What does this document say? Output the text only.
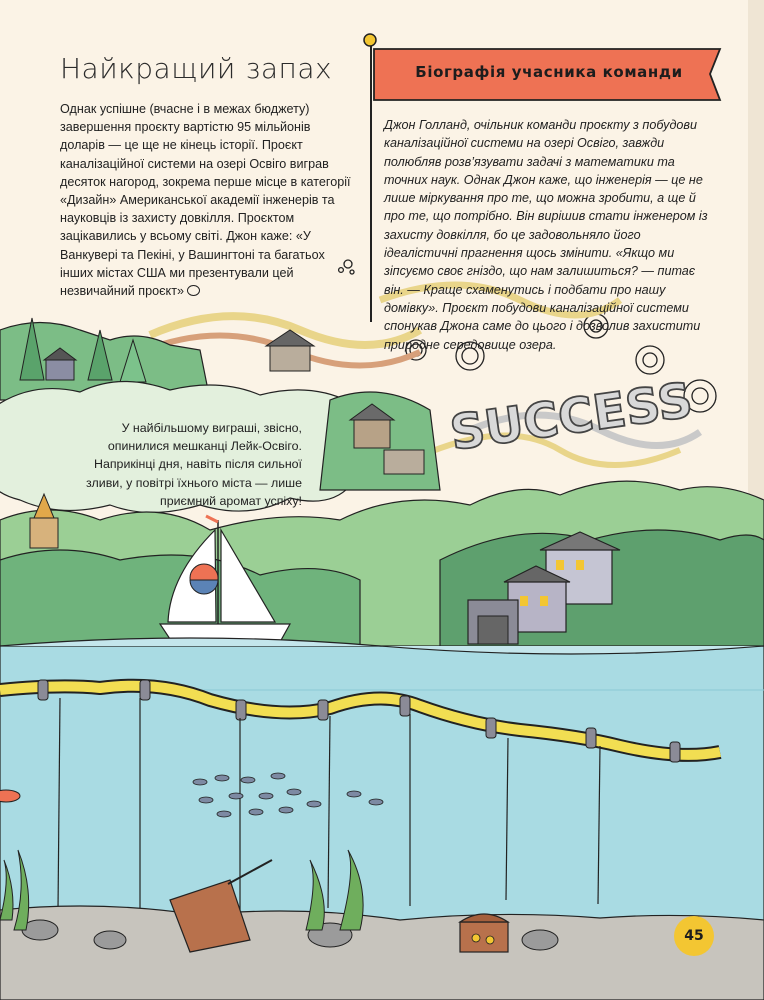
SUCCESS
Найкращий запах

Однак успішне (вчасне і в межах бюджету) завершення проєкту вартістю 95 мільйонів доларів — це ще не кінець історії. Проєкт каналізаційної системи на озері Освіго виграв десяток нагород, зокрема перше місце в категорії «Дизайн» Американської академії інженерів та науковців із захисту довкілля. Проєктом зацікавились у всьому світі. Джон каже: «У Ванкувері та Пекіні, у Вашингтоні та багатьох інших містах США ми презентували цей незвичайний проєкт»

Біографія учасника команди

Джон Голланд, очільник команди проєкту з побудови каналізаційної системи на озері Освіго, завжди полюбляв розв’язувати задачі з математики та точних наук. Однак Джон каже, що інженерія — це не лише міркування про те, що можна зробити, а ще й про те, що потрібно. Він вирішив стати інженером із захисту довкілля, бо це задовольняло його ідеалістичні прагнення щось змінити. «Якщо ми зіпсуємо своє гніздо, що нам залишиться? — питає він. — Краще схаменутись і подбати про нашу домівку». Проєкт побудови каналізаційної системи спонукав Джона саме до цього і дозволив захистити природне середовище озера.

У найбільшому виграші, звісно, опинилися мешканці Лейк-Освіго. Наприкінці дня, навіть після сильної зливи, у повітрі їхнього міста — лише приємний аромат успіху!

45
